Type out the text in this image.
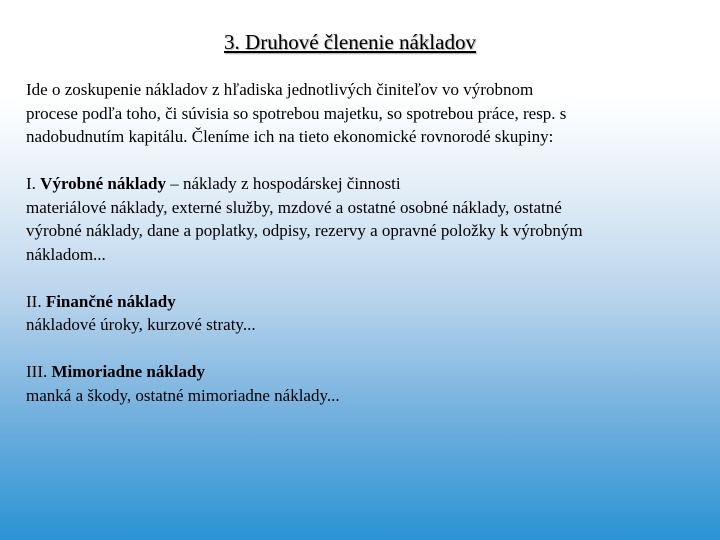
3. Druhové členenie nákladov

Ide o zoskupenie nákladov z hľadiska jednotlivých činiteľov vo výrobnom
procese podľa toho, či súvisia so spotrebou majetku, so spotrebou práce, resp. s
nadobudnutím kapitálu. Členíme ich na tieto ekonomické rovnorodé skupiny:

I. Výrobné náklady – náklady z hospodárskej činnosti
materiálové náklady, externé služby, mzdové a ostatné osobné náklady, ostatné
výrobné náklady, dane a poplatky, odpisy, rezervy a opravné položky k výrobným
nákladom...

II. Finančné náklady
nákladové úroky, kurzové straty...

III. Mimoriadne náklady
manká a škody, ostatné mimoriadne náklady...
